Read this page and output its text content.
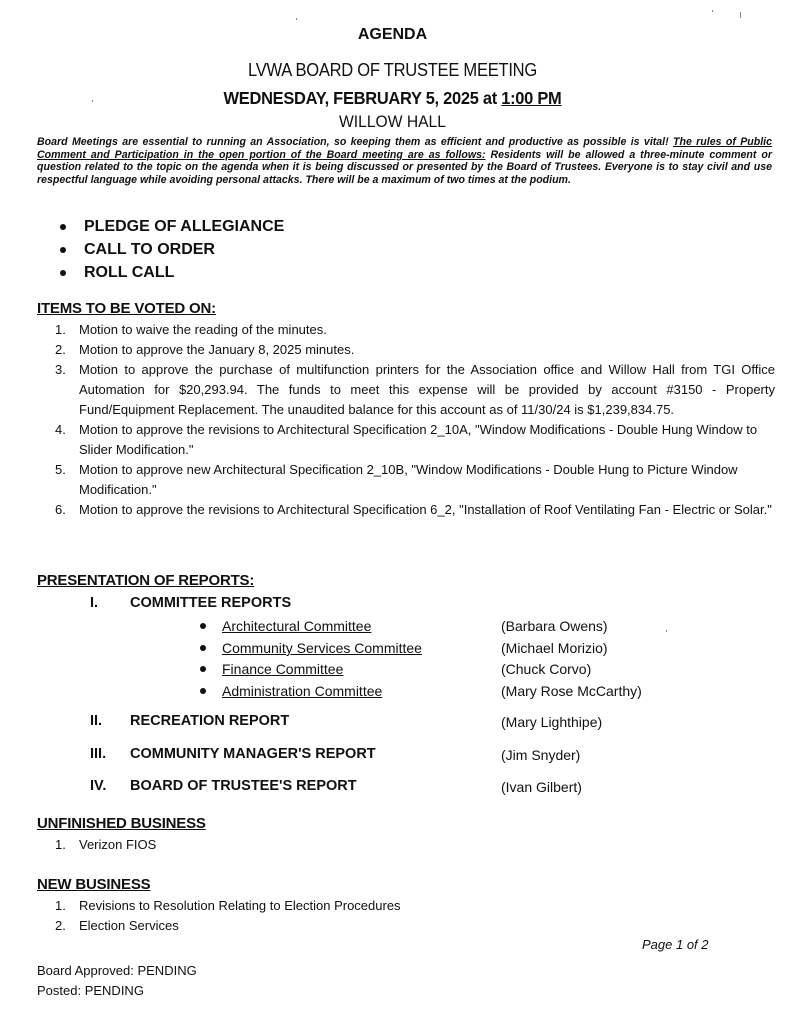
AGENDA
LVWA BOARD OF TRUSTEE MEETING
WEDNESDAY, FEBRUARY 5, 2025 at 1:00 PM
WILLOW HALL
Board Meetings are essential to running an Association, so keeping them as efficient and productive as possible is vital! The rules of Public Comment and Participation in the open portion of the Board meeting are as follows: Residents will be allowed a three-minute comment or question related to the topic on the agenda when it is being discussed or presented by the Board of Trustees. Everyone is to stay civil and use respectful language while avoiding personal attacks. There will be a maximum of two times at the podium.
PLEDGE OF ALLEGIANCE
CALL TO ORDER
ROLL CALL
ITEMS TO BE VOTED ON:
1.	Motion to waive the reading of the minutes.
2.	Motion to approve the January 8, 2025 minutes.
3.	Motion to approve the purchase of multifunction printers for the Association office and Willow Hall from TGI Office Automation for $20,293.94. The funds to meet this expense will be provided by account #3150 - Property Fund/Equipment Replacement. The unaudited balance for this account as of 11/30/24 is $1,239,834.75.
4.	Motion to approve the revisions to Architectural Specification 2_10A, "Window Modifications - Double Hung Window to Slider Modification."
5.	Motion to approve new Architectural Specification 2_10B, "Window Modifications - Double Hung to Picture Window Modification."
6.	Motion to approve the revisions to Architectural Specification 6_2, "Installation of Roof Ventilating Fan - Electric or Solar."
PRESENTATION OF REPORTS:
I.	COMMITTEE REPORTS
Architectural Committee	(Barbara Owens)
Community Services Committee	(Michael Morizio)
Finance Committee	(Chuck Corvo)
Administration Committee	(Mary Rose McCarthy)
II.	RECREATION REPORT	(Mary Lighthipe)
III.	COMMUNITY MANAGER'S REPORT	(Jim Snyder)
IV.	BOARD OF TRUSTEE'S REPORT	(Ivan Gilbert)
UNFINISHED BUSINESS
1.	Verizon FIOS
NEW BUSINESS
1.	Revisions to Resolution Relating to Election Procedures
2.	Election Services
Page 1 of 2
Board Approved: PENDING
Posted: PENDING
